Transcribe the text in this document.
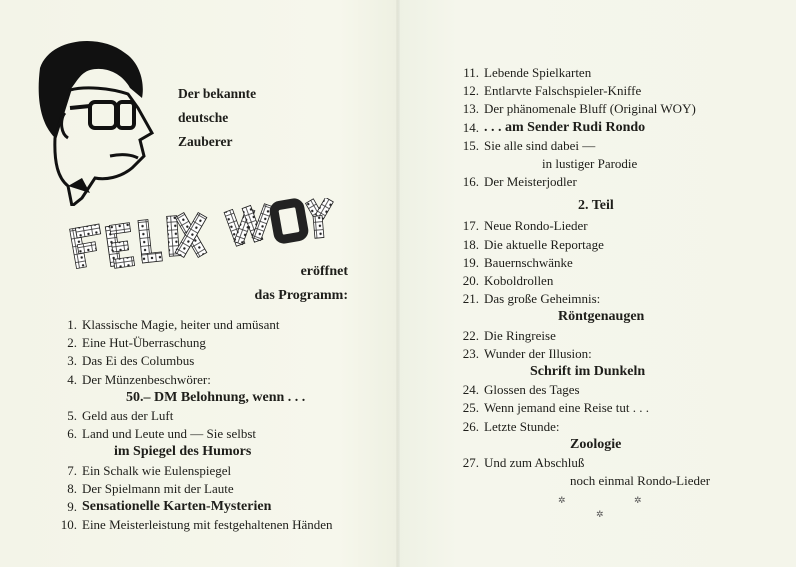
Der bekannte
deutsche
Zauberer
eröffnet
das Programm:
1. Klassische Magie, heiter und amüsant
2. Eine Hut-Überraschung
3. Das Ei des Columbus
4. Der Münzenbeschwörer:
50.– DM Belohnung, wenn . . .
5. Geld aus der Luft
6. Land und Leute und — Sie selbst
im Spiegel des Humors
7. Ein Schalk wie Eulenspiegel
8. Der Spielmann mit der Laute
9. Sensationelle Karten-Mysterien
10. Eine Meisterleistung mit festgehaltenen Händen
11. Lebende Spielkarten
12. Entlarvte Falschspieler-Kniffe
13. Der phänomenale Bluff (Original WOY)
14. . . . am Sender Rudi Rondo
15. Sie alle sind dabei —
in lustiger Parodie
16. Der Meisterjodler
2. Teil
17. Neue Rondo-Lieder
18. Die aktuelle Reportage
19. Bauernschwänke
20. Koboldrollen
21. Das große Geheimnis:
Röntgenaugen
22. Die Ringreise
23. Wunder der Illusion:
Schrift im Dunkeln
24. Glossen des Tages
25. Wenn jemand eine Reise tut . . .
26. Letzte Stunde:
Zoologie
27. Und zum Abschluß
noch einmal Rondo-Lieder
✲	✲
✲
